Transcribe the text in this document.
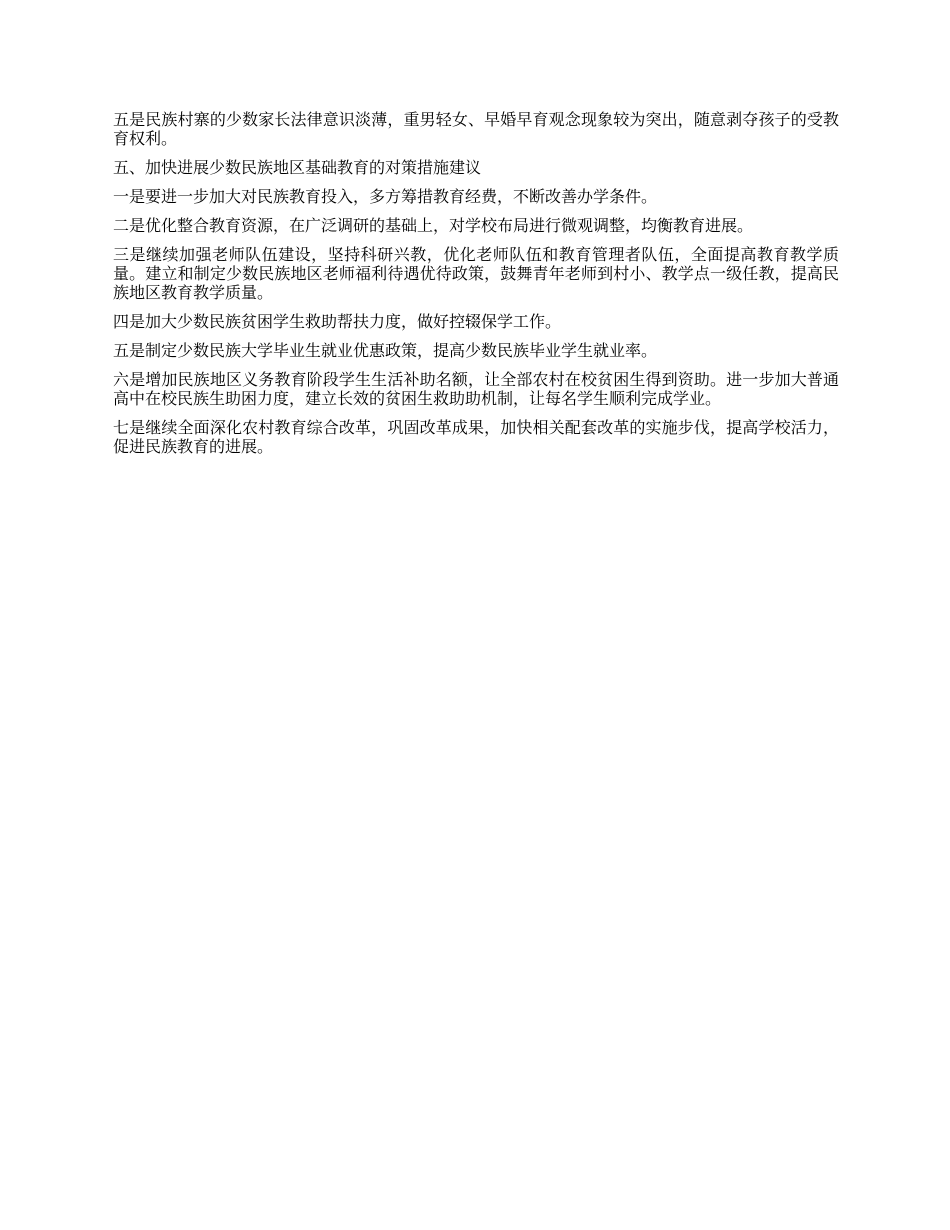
五是民族村寨的少数家长法律意识淡薄，重男轻女、早婚早育观念现象较为突出，随意剥夺孩子的受教育权利。

五、加快进展少数民族地区基础教育的对策措施建议

一是要进一步加大对民族教育投入，多方筹措教育经费，不断改善办学条件。

二是优化整合教育资源，在广泛调研的基础上，对学校布局进行微观调整，均衡教育进展。

三是继续加强老师队伍建设，坚持科研兴教，优化老师队伍和教育管理者队伍，全面提高教育教学质量。建立和制定少数民族地区老师福利待遇优待政策，鼓舞青年老师到村小、教学点一级任教，提高民族地区教育教学质量。

四是加大少数民族贫困学生救助帮扶力度，做好控辍保学工作。

五是制定少数民族大学毕业生就业优惠政策，提高少数民族毕业学生就业率。

六是增加民族地区义务教育阶段学生生活补助名额，让全部农村在校贫困生得到资助。进一步加大普通高中在校民族生助困力度，建立长效的贫困生救助助机制，让每名学生顺利完成学业。

七是继续全面深化农村教育综合改革，巩固改革成果，加快相关配套改革的实施步伐，提高学校活力，促进民族教育的进展。
